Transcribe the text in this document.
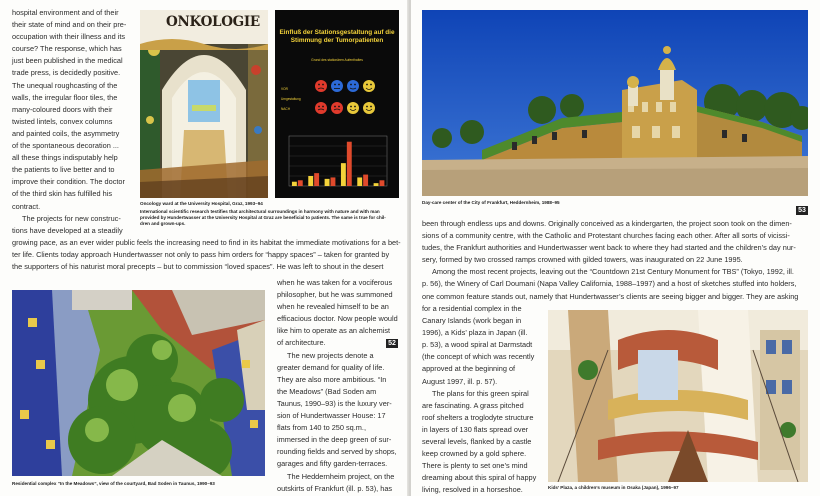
hospital environment and of their
their state of mind and on their pre-
occupation with their illness and its
course? The response, which has
just been published in the medical
trade press, is decidedly positive.
The unequal roughcasting of the
walls, the irregular floor tiles, the
many-coloured doors with their
twisted lintels, convex columns
and painted coils, the asymmetry
of the spontaneous decoration ...
all these things indisputably help
the patients to live better and to
improve their condition. The doctor
of the third skin has fulfilled his
contract.
The projects for new construc-
tions have developed at a steadily
ONKOLOGIE
Einfluß der Stationsgestaltung auf die
Stimmung der Tumorpatienten
Grund des stationären Aufenthaltes
VOR
Umgestaltung
NACH
Oncology ward at the University Hospital, Graz, 1993–94
International scientific research testifies that architectural surroundings in harmony with nature and with man
provided by Hundertwasser at the University Hospital at Graz are beneficial to patients. The same is true for chil-
dren and grown-ups.
growing pace, as an ever wider public feels the increasing need to find in its habitat the immediate motivations for a bet-
ter life. Clients today approach Hundertwasser not only to pass him orders for “happy spaces” – taken for granted by
the supporters of his naturist moral precepts – but to commission “loved spaces”. He was left to shout in the desert
Residential complex “In the Meadows”, view of the courtyard, Bad Soden in Taunus, 1990–93
when he was taken for a vociferous
philosopher, but he was summoned
when he revealed himself to be an
efficacious doctor. Now people would
like him to operate as an alchemist
of architecture.
The new projects denote a
greater demand for quality of life.
They are also more ambitious. “In
the Meadows” (Bad Soden am
Taunus, 1990–93) is the luxury ver-
sion of Hundertwasser House: 17
flats from 140 to 250 sq.m.,
immersed in the deep green of sur-
rounding fields and served by shops,
garages and fifty garden-terraces.
The Heddernheim project, on the
outskirts of Frankfurt (ill. p. 53), has
52
Day-care center of the City of Frankfurt, Heddernheim, 1988–95
53
been through endless ups and downs. Originally conceived as a kindergarten, the project soon took on the dimen-
sions of a community centre, with the Catholic and Protestant churches facing each other. After all sorts of vicissi-
tudes, the Frankfurt authorities and Hundertwasser went back to where they had started and the children’s day nur-
sery, formed by two crossed ramps crowned with gilded towers, was inaugurated on 22 June 1995.
Among the most recent projects, leaving out the “Countdown 21st Century Monument for TBS” (Tokyo, 1992, ill.
p. 56), the Winery of Carl Doumani (Napa Valley California, 1988–1997) and a host of sketches stuffed into holders,
one common feature stands out, namely that Hundertwasser’s clients are seeing bigger and bigger. They are asking
for a residential complex in the
Canary Islands (work began in
1996), a Kids’ plaza in Japan (ill.
p. 53), a wood spiral at Darmstadt
(the concept of which was recently
approved at the beginning of
August 1997, ill. p. 57).
The plans for this green spiral
are fascinating. A grass pitched
roof shelters a troglodyte structure
in layers of 130 flats spread over
several levels, flanked by a castle
keep crowned by a gold sphere.
There is plenty to set one’s mind
dreaming about this spiral of happy
living, resolved in a horseshoe.	Kids’ Plaza, a children’s museum in Osaka (Japan), 1996–97
